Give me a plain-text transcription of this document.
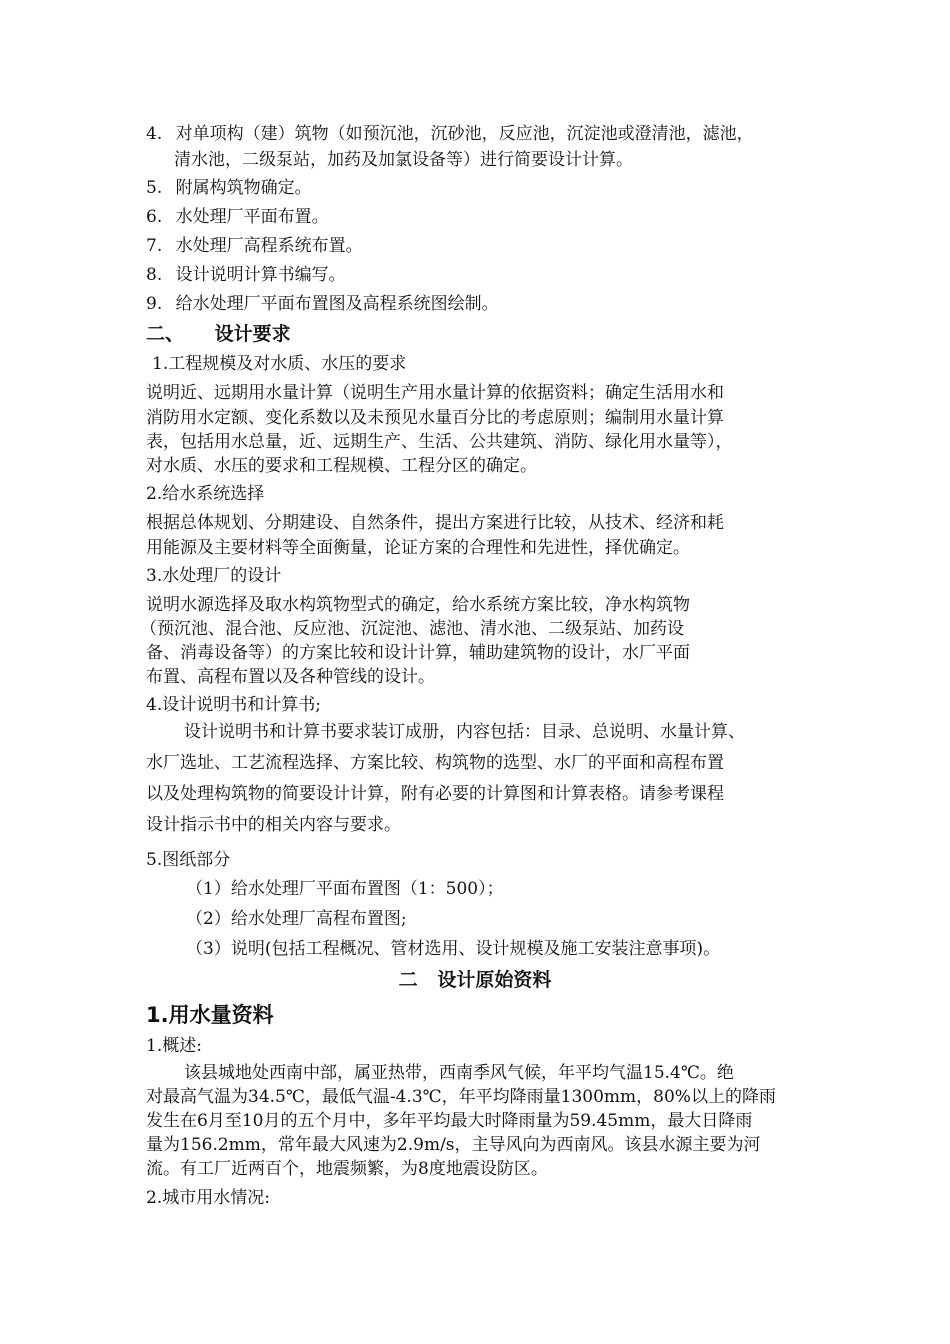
4. 对单项构（建）筑物（如预沉池，沉砂池，反应池，沉淀池或澄清池，滤池，
清水池，二级泵站，加药及加氯设备等）进行简要设计计算。
5. 附属构筑物确定。
6. 水处理厂平面布置。
7. 水处理厂高程系统布置。
8. 设计说明计算书编写。
9. 给水处理厂平面布置图及高程系统图绘制。
二、 设计要求
1.工程规模及对水质、水压的要求
说明近、远期用水量计算（说明生产用水量计算的依据资料；确定生活用水和
消防用水定额、变化系数以及未预见水量百分比的考虑原则；编制用水量计算
表，包括用水总量，近、远期生产、生活、公共建筑、消防、绿化用水量等），
对水质、水压的要求和工程规模、工程分区的确定。
2.给水系统选择
根据总体规划、分期建设、自然条件，提出方案进行比较，从技术、经济和耗
用能源及主要材料等全面衡量，论证方案的合理性和先进性，择优确定。
3.水处理厂的设计
说明水源选择及取水构筑物型式的确定，给水系统方案比较，净水构筑物
（预沉池、混合池、反应池、沉淀池、滤池、清水池、二级泵站、加药设
备、消毒设备等）的方案比较和设计计算，辅助建筑物的设计，水厂平面
布置、高程布置以及各种管线的设计。
4.设计说明书和计算书;
设计说明书和计算书要求装订成册，内容包括：目录、总说明、水量计算、
水厂选址、工艺流程选择、方案比较、构筑物的选型、水厂的平面和高程布置
以及处理构筑物的简要设计计算，附有必要的计算图和计算表格。请参考课程
设计指示书中的相关内容与要求。
5.图纸部分
（1）给水处理厂平面布置图（1：500）；
（2）给水处理厂高程布置图;
（3）说明(包括工程概况、管材选用、设计规模及施工安装注意事项)。
二   设计原始资料
1.用水量资料
1.概述:
该县城地处西南中部，属亚热带，西南季风气候，年平均气温15.4℃。绝
对最高气温为34.5℃，最低气温-4.3℃，年平均降雨量1300mm，80%以上的降雨
发生在6月至10月的五个月中，多年平均最大时降雨量为59.45mm，最大日降雨
量为156.2mm，常年最大风速为2.9m/s，主导风向为西南风。该县水源主要为河
流。有工厂近两百个，地震频繁，为8度地震设防区。
2.城市用水情况:
